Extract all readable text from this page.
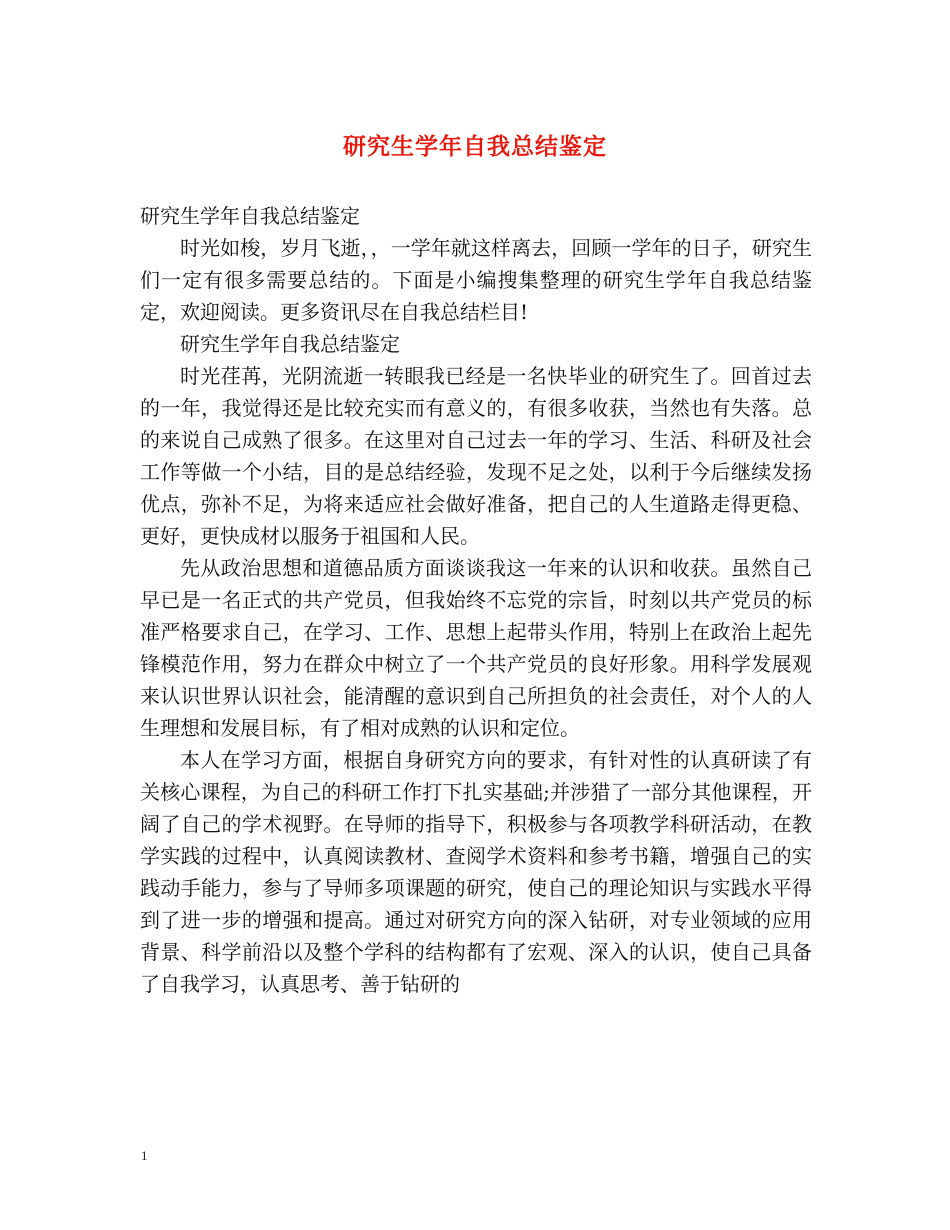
研究生学年自我总结鉴定

研究生学年自我总结鉴定

时光如梭，岁月飞逝，，一学年就这样离去，回顾一学年的日子，研究生们一定有很多需要总结的。下面是小编搜集整理的研究生学年自我总结鉴定，欢迎阅读。更多资讯尽在自我总结栏目!

研究生学年自我总结鉴定

时光荏苒，光阴流逝一转眼我已经是一名快毕业的研究生了。回首过去的一年，我觉得还是比较充实而有意义的，有很多收获，当然也有失落。总的来说自己成熟了很多。在这里对自己过去一年的学习、生活、科研及社会工作等做一个小结，目的是总结经验，发现不足之处，以利于今后继续发扬优点，弥补不足，为将来适应社会做好准备，把自己的人生道路走得更稳、更好，更快成材以服务于祖国和人民。

先从政治思想和道德品质方面谈谈我这一年来的认识和收获。虽然自己早已是一名正式的共产党员，但我始终不忘党的宗旨，时刻以共产党员的标准严格要求自己，在学习、工作、思想上起带头作用，特别上在政治上起先锋模范作用，努力在群众中树立了一个共产党员的良好形象。用科学发展观来认识世界认识社会，能清醒的意识到自己所担负的社会责任，对个人的人生理想和发展目标，有了相对成熟的认识和定位。

本人在学习方面，根据自身研究方向的要求，有针对性的认真研读了有关核心课程，为自己的科研工作打下扎实基础;并涉猎了一部分其他课程，开阔了自己的学术视野。在导师的指导下，积极参与各项教学科研活动，在教学实践的过程中，认真阅读教材、查阅学术资料和参考书籍，增强自己的实践动手能力，参与了导师多项课题的研究，使自己的理论知识与实践水平得到了进一步的增强和提高。通过对研究方向的深入钻研，对专业领域的应用背景、科学前沿以及整个学科的结构都有了宏观、深入的认识，使自己具备了自我学习，认真思考、善于钻研的

1
